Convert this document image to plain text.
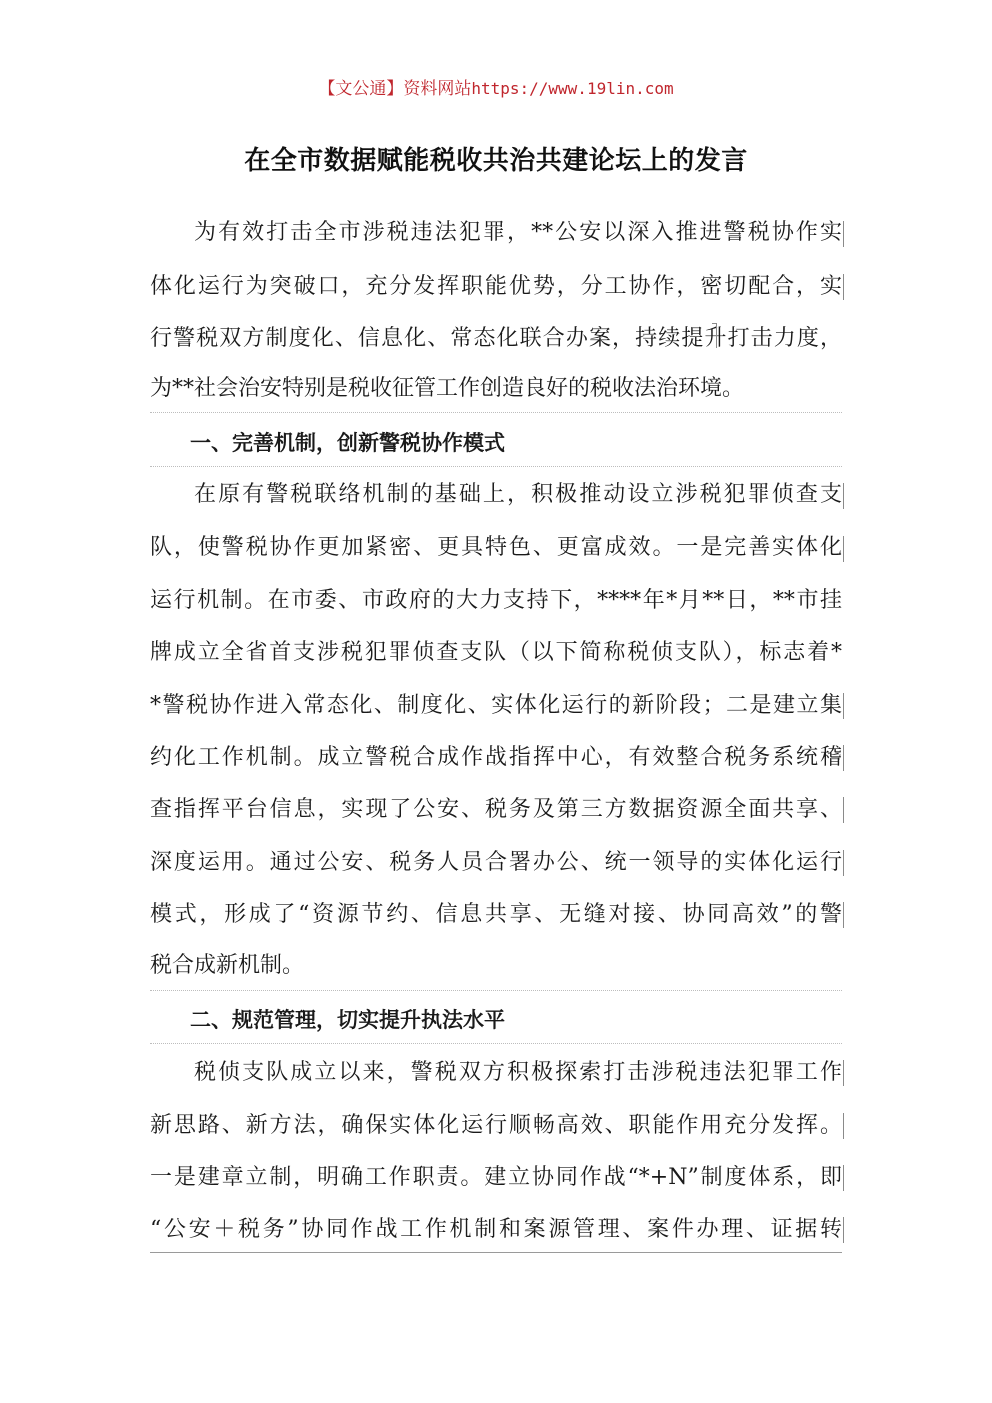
【文公通】资料网站https://www.19lin.com
在全市数据赋能税收共治共建论坛上的发言
为有效打击全市涉税违法犯罪，**公安以深入推进警税协作实
体化运行为突破口，充分发挥职能优势，分工协作，密切配合，实
行警税双方制度化、信息化、常态化联合办案，持续提升打击力度，
为**社会治安特别是税收征管工作创造良好的税收法治环境。
一、完善机制，创新警税协作模式
在原有警税联络机制的基础上，积极推动设立涉税犯罪侦查支
队，使警税协作更加紧密、更具特色、更富成效。一是完善实体化
运行机制。在市委、市政府的大力支持下，****年*月**日，**市挂
牌成立全省首支涉税犯罪侦查支队（以下简称税侦支队），标志着*
*警税协作进入常态化、制度化、实体化运行的新阶段；二是建立集
约化工作机制。成立警税合成作战指挥中心，有效整合税务系统稽
查指挥平台信息，实现了公安、税务及第三方数据资源全面共享、
深度运用。通过公安、税务人员合署办公、统一领导的实体化运行
模式，形成了“资源节约、信息共享、无缝对接、协同高效”的警
税合成新机制。
二、规范管理，切实提升执法水平
税侦支队成立以来，警税双方积极探索打击涉税违法犯罪工作
新思路、新方法，确保实体化运行顺畅高效、职能作用充分发挥。
一是建章立制，明确工作职责。建立协同作战“*+N”制度体系，即
“公安＋税务”协同作战工作机制和案源管理、案件办理、证据转
